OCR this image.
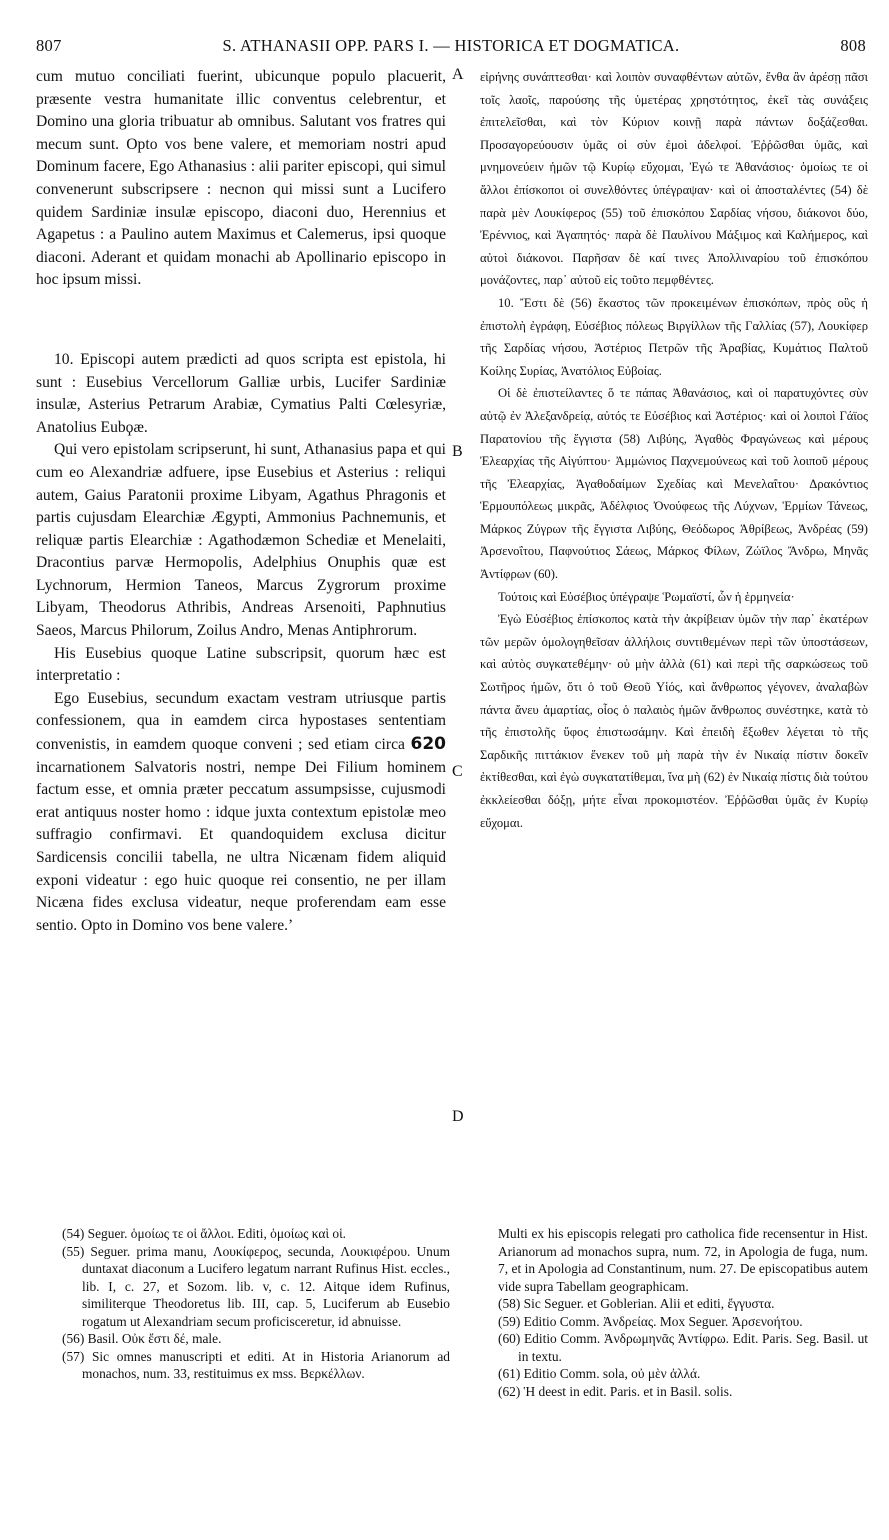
807	S. ATHANASII OPP. PARS I. — HISTORICA ET DOGMATICA.	808
A
B
C
D

cum mutuo conciliati fuerint, ubicunque populo placuerit, præsente vestra humanitate illic conventus celebrentur, et Domino una gloria tribuatur ab omnibus. Salutant vos fratres qui mecum sunt. Opto vos bene valere, et memoriam nostri apud Dominum facere, Ego Athanasius : alii pariter episcopi, qui simul convenerunt subscripsere : necnon qui missi sunt a Lucifero quidem Sardiniæ insulæ episcopo, diaconi duo, Herennius et Agapetus : a Paulino autem Maximus et Calemerus, ipsi quoque diaconi. Aderant et quidam monachi ab Apollinario episcopo in hoc ipsum missi.

10. Episcopi autem prædicti ad quos scripta est epistola, hi sunt : Eusebius Vercellorum Galliæ urbis, Lucifer Sardiniæ insulæ, Asterius Petrarum Arabiæ, Cymatius Palti Cœlesyriæ, Anatolius Eubϙæ.

Qui vero epistolam scripserunt, hi sunt, Athanasius papa et qui cum eo Alexandriæ adfuere, ipse Eusebius et Asterius : reliqui autem, Gaius Paratonii proxime Libyam, Agathus Phragonis et partis cujusdam Elearchiæ Ægypti, Ammonius Pachnemunis, et reliquæ partis Elearchiæ : Agathodæmon Schediæ et Menelaiti, Dracontius parvæ Hermopolis, Adelphius Onuphis quæ est Lychnorum, Hermion Taneos, Marcus Zygrorum proxime Libyam, Theodorus Athribis, Andreas Arsenoiti, Paphnutius Saeos, Marcus Philorum, Zoilus Andro, Menas Antiphrorum.

His Eusebius quoque Latine subscripsit, quorum hæc est interpretatio :

Ego Eusebius, secundum exactam vestram utriusque partis confessionem, qua in eamdem circa hypostases sententiam convenistis, in eamdem quoque conveni ; sed etiam circa 620 incarnationem Salvatoris nostri, nempe Dei Filium hominem factum esse, et omnia præter peccatum assumpsisse, cujusmodi erat antiquus noster homo : idque juxta contextum epistolæ meo suffragio confirmavi. Et quandoquidem exclusa dicitur Sardicensis concilii tabella, ne ultra Nicænam fidem aliquid exponi videatur : ego huic quoque rei consentio, ne per illam Nicæna fides exclusa videatur, neque proferendam eam esse sentio. Opto in Domino vos bene valere.’

εἰρήνης συνάπτεσθαι· καὶ λοιπὸν συναφθέντων αὐτῶν, ἔνθα ἂν ἀρέσῃ πᾶσι τοῖς λαοῖς, παρούσης τῆς ὑμετέρας χρηστότητος, ἐκεῖ τὰς συνάξεις ἐπιτελεῖσθαι, καὶ τὸν Κύριον κοινῇ παρὰ πάντων δοξάζεσθαι. Προσαγορεύουσιν ὑμᾶς οἱ σὺν ἐμοὶ ἀδελφοί. Ἐῤῥῶσθαι ὑμᾶς, καὶ μνημονεύειν ἡμῶν τῷ Κυρίῳ εὔχομαι, Ἐγώ τε Ἀθανάσιος· ὁμοίως τε οἱ ἄλλοι ἐπίσκοποι οἱ συνελθόντες ὑπέγραψαν· καὶ οἱ ἀποσταλέντες (54) δὲ παρὰ μὲν Λουκίφερος (55) τοῦ ἐπισκόπου Σαρδίας νήσου, διάκονοι δύο, Ἐρέννιος, καὶ Ἀγαπητός· παρὰ δὲ Παυλίνου Μάξιμος καὶ Καλήμερος, καὶ αὐτοὶ διάκονοι. Παρῆσαν δὲ καί τινες Ἀπολλιναρίου τοῦ ἐπισκόπου μονάζοντες, παρ᾽ αὐτοῦ εἰς τοῦτο πεμφθέντες.

10. Ἔστι δὲ (56) ἕκαστος τῶν προκειμένων ἐπισκόπων, πρὸς οὓς ἡ ἐπιστολὴ ἐγράφη, Εὐσέβιος πόλεως Βιργίλλων τῆς Γαλλίας (57), Λουκίφερ τῆς Σαρδίας νήσου, Ἀστέριος Πετρῶν τῆς Ἀραβίας, Κυμάτιος Παλτοῦ Κοίλης Συρίας, Ἀνατόλιος Εὐβοίας.

Οἱ δὲ ἐπιστείλαντες ὅ τε πάπας Ἀθανάσιος, καὶ οἱ παρατυχόντες σὺν αὐτῷ ἐν Ἀλεξανδρείᾳ, αὐτός τε Εὐσέβιος καὶ Ἀστέριος· καὶ οἱ λοιποὶ Γάϊος Παρατονίου τῆς ἔγγιστα (58) Λιβύης, Ἀγαθὸς Φραγώνεως καὶ μέρους Ἐλεαρχίας τῆς Αἰγύπτου· Ἀμμώνιος Παχνεμούνεως καὶ τοῦ λοιποῦ μέρους τῆς Ἐλεαρχίας, Ἀγαθοδαίμων Σχεδίας καὶ Μενελαΐτου· Δρακόντιος Ἑρμουπόλεως μικρᾶς, Ἀδέλφιος Ὀνούφεως τῆς Λύχνων, Ἑρμίων Τάνεως, Μάρκος Ζύγρων τῆς ἔγγιστα Λιβύης, Θεόδωρος Ἀθρίβεως, Ἀνδρέας (59) Ἀρσενοΐτου, Παφνούτιος Σάεως, Μάρκος Φίλων, Ζώϊλος Ἄνδρω, Μηνᾶς Ἀντίφρων (60).

Τούτοις καὶ Εὐσέβιος ὑπέγραψε Ῥωμαϊστί, ὧν ἡ ἑρμηνεία·

Ἐγὼ Εὐσέβιος ἐπίσκοπος κατὰ τὴν ἀκρίβειαν ὑμῶν τὴν παρ᾽ ἑκατέρων τῶν μερῶν ὁμολογηθεῖσαν ἀλλήλοις συντιθεμένων περὶ τῶν ὑποστάσεων, καὶ αὐτὸς συγκατεθέμην· οὐ μὴν ἀλλὰ (61) καὶ περὶ τῆς σαρκώσεως τοῦ Σωτῆρος ἡμῶν, ὅτι ὁ τοῦ Θεοῦ Υἱός, καὶ ἄνθρωπος γέγονεν, ἀναλαβὼν πάντα ἄνευ ἁμαρτίας, οἷος ὁ παλαιὸς ἡμῶν ἄνθρωπος συνέστηκε, κατὰ τὸ τῆς ἐπιστολῆς ὕφος ἐπιστωσάμην. Καὶ ἐπειδὴ ἔξωθεν λέγεται τὸ τῆς Σαρδικῆς πιττάκιον ἕνεκεν τοῦ μὴ παρὰ τὴν ἐν Νικαίᾳ πίστιν δοκεῖν ἐκτίθεσθαι, καὶ ἐγὼ συγκατατίθεμαι, ἵνα μὴ (62) ἐν Νικαίᾳ πίστις διὰ τούτου ἐκκλείεσθαι δόξῃ, μήτε εἶναι προκομιστέον. Ἐῤῥῶσθαι ὑμᾶς ἐν Κυρίῳ εὔχομαι.

(54) Seguer. ὁμοίως τε οἱ ἄλλοι. Editi, ὁμοίως καὶ οἱ.

(55) Seguer. prima manu, Λουκίφερος, secunda, Λουκιφέρου. Unum duntaxat diaconum a Lucifero legatum narrant Rufinus Hist. eccles., lib. I, c. 27, et Sozom. lib. v, c. 12. Aitque idem Rufinus, similiterque Theodoretus lib. III, cap. 5, Luciferum ab Eusebio rogatum ut Alexandriam secum proficisceretur, id abnuisse.

(56) Basil. Οὐκ ἔστι δέ, male.

(57) Sic omnes manuscripti et editi. At in Historia Arianorum ad monachos, num. 33, restituimus ex mss. Βερκέλλων.

Multi ex his episcopis relegati pro catholica fide recensentur in Hist. Arianorum ad monachos supra, num. 72, in Apologia de fuga, num. 7, et in Apologia ad Constantinum, num. 27. De episcopatibus autem vide supra Tabellam geographicam.

(58) Sic Seguer. et Goblerian. Alii et editi, ἔγγυστα.

(59) Editio Comm. Ἀνδρείας. Mox Seguer. Ἀρσενοήτου.

(60) Editio Comm. Ἀνδρωμηνᾶς Ἀντίφρω. Edit. Paris. Seg. Basil. ut in textu.

(61) Editio Comm. sola, οὐ μὲν ἀλλά.

(62) Ἡ deest in edit. Paris. et in Basil. solis.
